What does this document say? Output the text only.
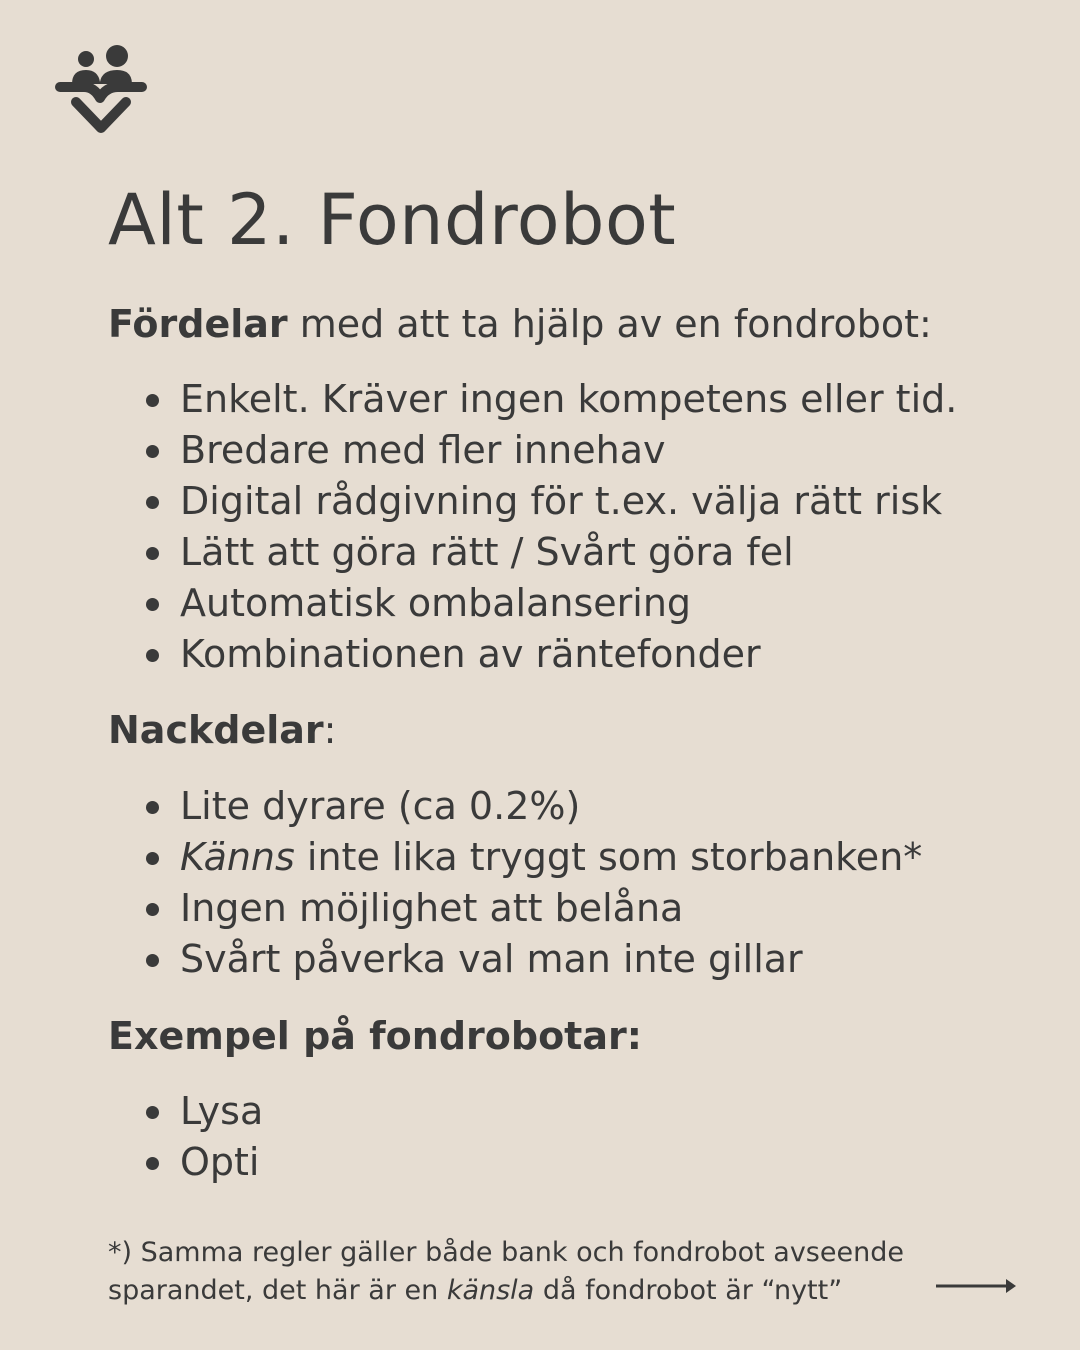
Alt 2. Fondrobot

Fördelar med att ta hjälp av en fondrobot:

Enkelt. Kräver ingen kompetens eller tid.
Bredare med fler innehav
Digital rådgivning för t.ex. välja rätt risk
Lätt att göra rätt / Svårt göra fel
Automatisk ombalansering
Kombinationen av räntefonder

Nackdelar:

Lite dyrare (ca 0.2%)
Känns inte lika tryggt som storbanken*
Ingen möjlighet att belåna
Svårt påverka val man inte gillar

Exempel på fondrobotar:

Lysa
Opti

*) Samma regler gäller både bank och fondrobot avseende
sparandet, det här är en känsla då fondrobot är “nytt”
